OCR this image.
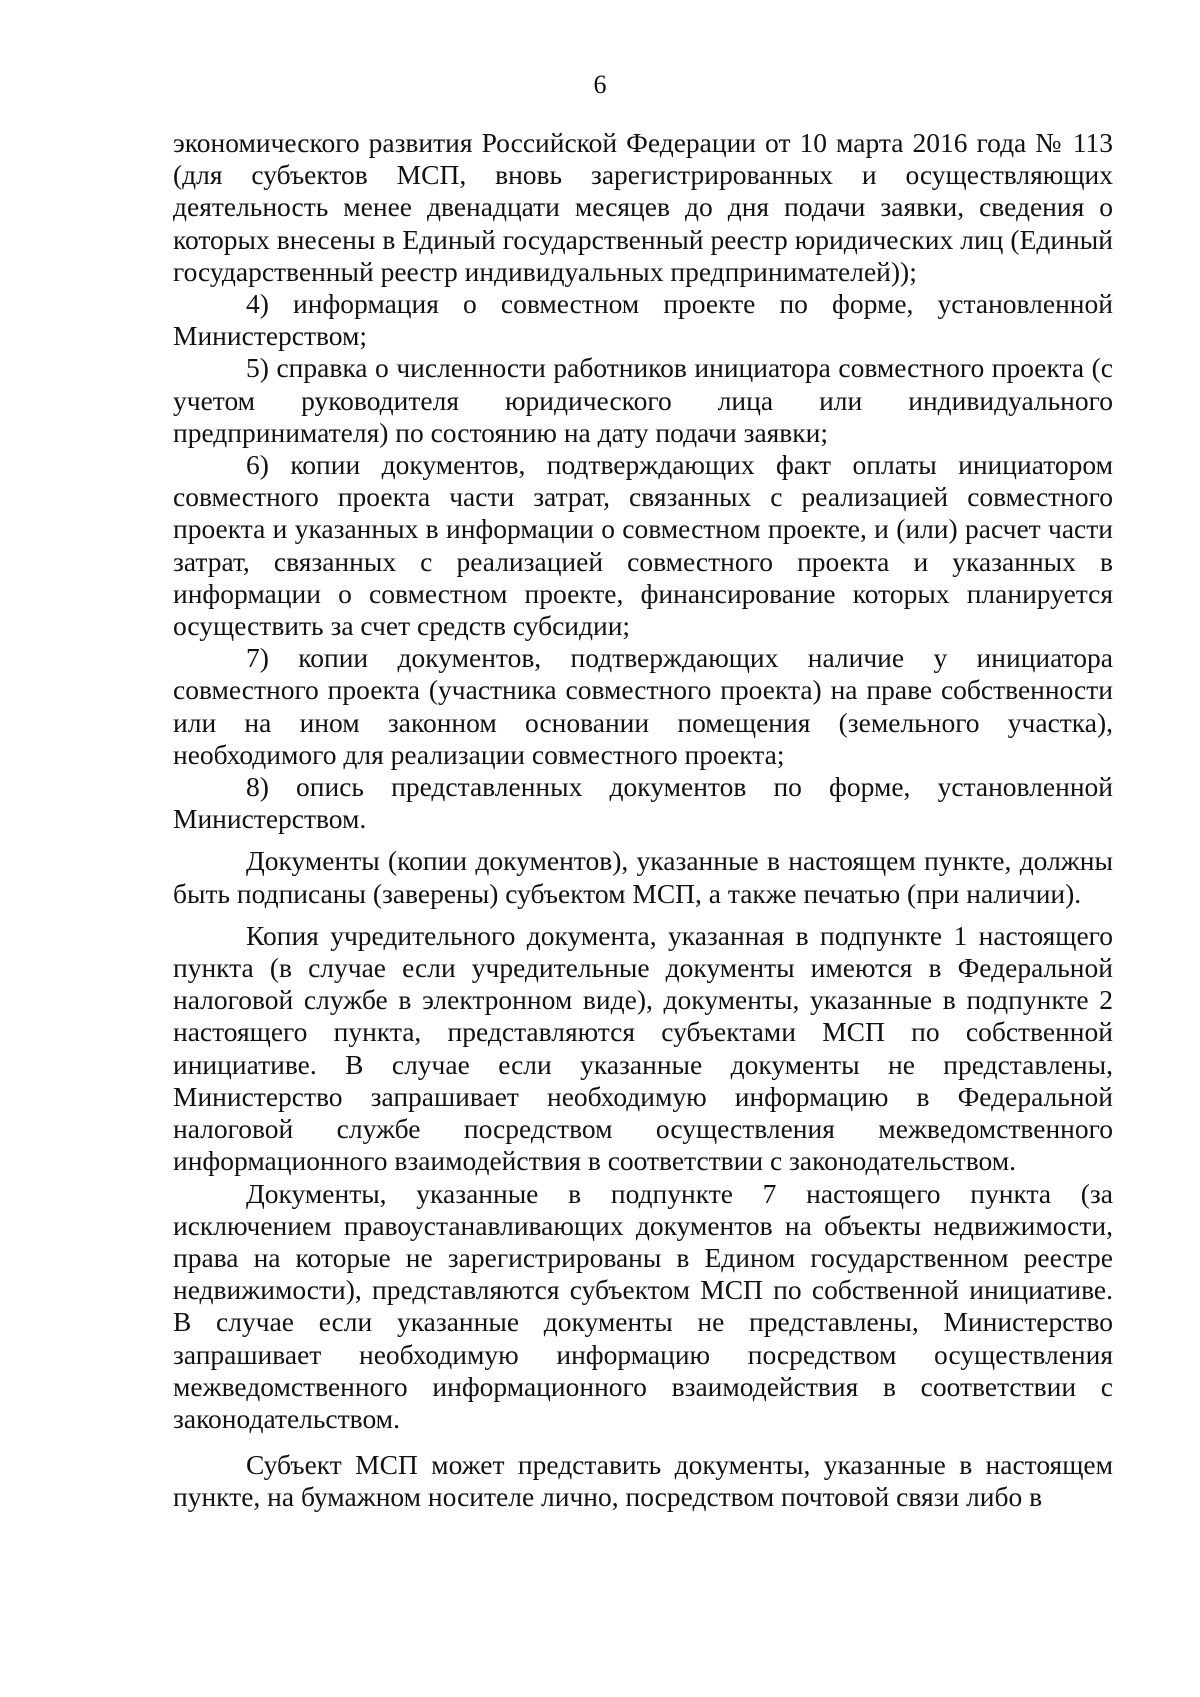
6

экономического развития Российской Федерации от 10 марта 2016 года № 113 (для субъектов МСП, вновь зарегистрированных и осуществляющих деятельность менее двенадцати месяцев до дня подачи заявки, сведения о которых внесены в Единый государственный реестр юридических лиц (Единый государственный реестр индивидуальных предпринимателей));

4) информация о совместном проекте по форме, установленной Министерством;

5) справка о численности работников инициатора совместного проекта (с учетом руководителя юридического лица или индивидуального предпринимателя) по состоянию на дату подачи заявки;

6) копии документов, подтверждающих факт оплаты инициатором совместного проекта части затрат, связанных с реализацией совместного проекта и указанных в информации о совместном проекте, и (или) расчет части затрат, связанных с реализацией совместного проекта и указанных в информации о совместном проекте, финансирование которых планируется осуществить за счет средств субсидии;

7) копии документов, подтверждающих наличие у инициатора совместного проекта (участника совместного проекта) на праве собственности или на ином законном основании помещения (земельного участка), необходимого для реализации совместного проекта;

8) опись представленных документов по форме, установленной Министерством.

Документы (копии документов), указанные в настоящем пункте, должны быть подписаны (заверены) субъектом МСП, а также печатью (при наличии).

Копия учредительного документа, указанная в подпункте 1 настоящего пункта (в случае если учредительные документы имеются в Федеральной налоговой службе в электронном виде), документы, указанные в подпункте 2 настоящего пункта, представляются субъектами МСП по собственной инициативе. В случае если указанные документы не представлены, Министерство запрашивает необходимую информацию в Федеральной налоговой службе посредством осуществления межведомственного информационного взаимодействия в соответствии с законодательством.

Документы, указанные в подпункте 7 настоящего пункта (за исключением правоустанавливающих документов на объекты недвижимости, права на которые не зарегистрированы в Едином государственном реестре недвижимости), представляются субъектом МСП по собственной инициативе. В случае если указанные документы не представлены, Министерство запрашивает необходимую информацию посредством осуществления межведомственного информационного взаимодействия в соответствии с законодательством.

Субъект МСП может представить документы, указанные в настоящем пункте, на бумажном носителе лично, посредством почтовой связи либо в
